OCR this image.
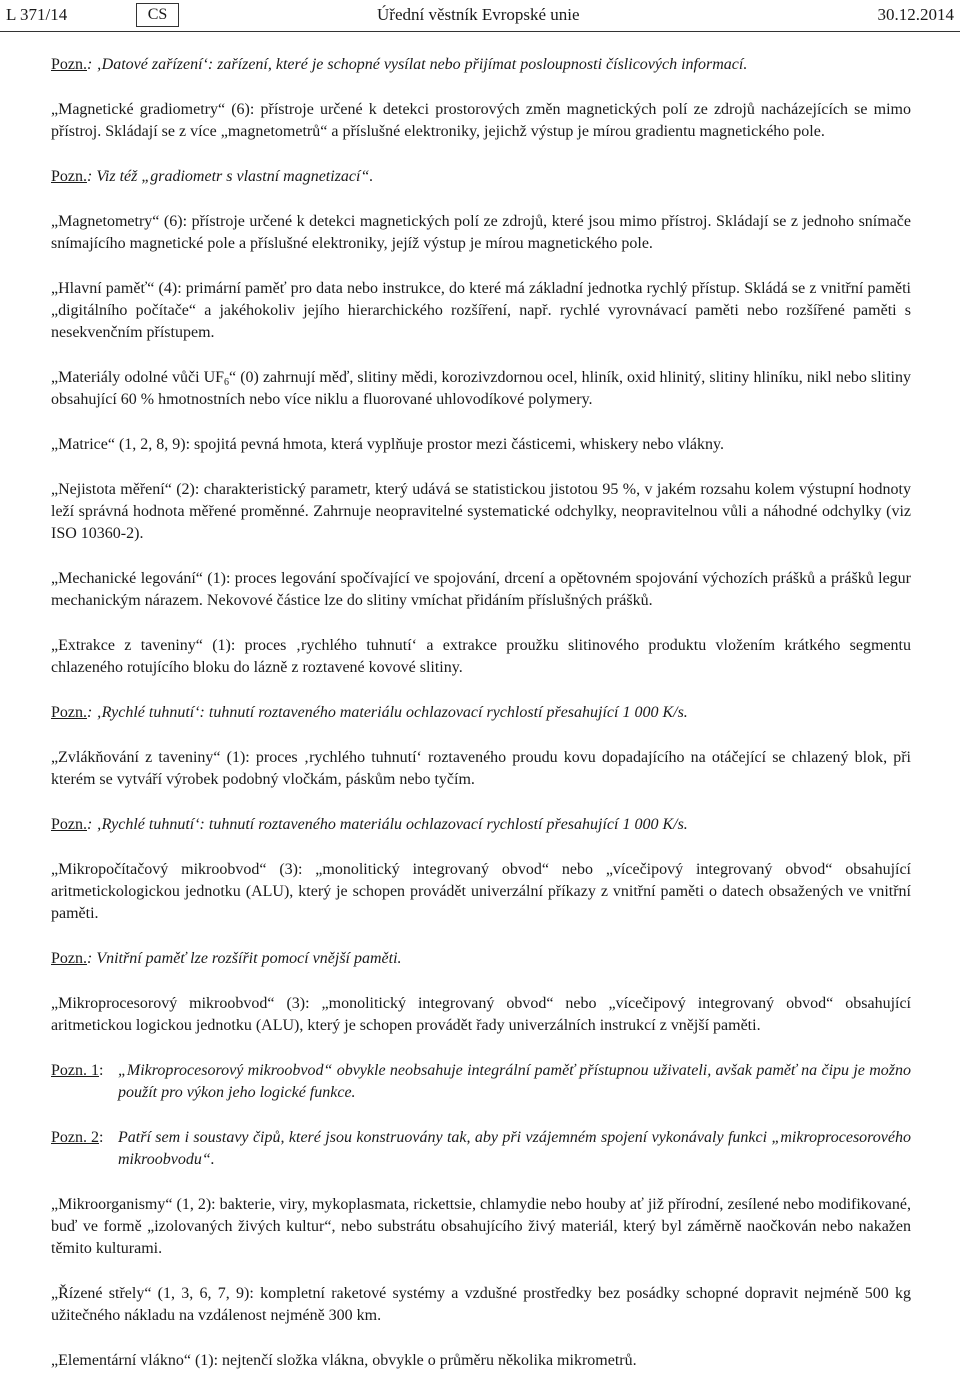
L 371/14	CS	Úřední věstník Evropské unie	30.12.2014

Pozn.: ‚Datové zařízení‘: zařízení, které je schopné vysílat nebo přijímat posloupnosti číslicových informací.

„Magnetické gradiometry“ (6): přístroje určené k detekci prostorových změn magnetických polí ze zdrojů nacházejících se mimo přístroj. Skládají se z více „magnetometrů“ a příslušné elektroniky, jejichž výstup je mírou gradientu magnetického pole.

Pozn.: Viz též „gradiometr s vlastní magnetizací“.

„Magnetometry“ (6): přístroje určené k detekci magnetických polí ze zdrojů, které jsou mimo přístroj. Skládají se z jednoho snímače snímajícího magnetické pole a příslušné elektroniky, jejíž výstup je mírou magnetického pole.

„Hlavní paměť“ (4): primární paměť pro data nebo instrukce, do které má základní jednotka rychlý přístup. Skládá se z vnitřní paměti „digitálního počítače“ a jakéhokoliv jejího hierarchického rozšíření, např. rychlé vyrovnávací paměti nebo rozšířené paměti s nesekvenčním přístupem.

„Materiály odolné vůči $UF_6“$ (0) zahrnují měď, slitiny mědi, korozivzdornou ocel, hliník, oxid hlinitý, slitiny hliníku, nikl nebo slitiny obsahující 60 % hmotnostních nebo více niklu a fluorované uhlovodíkové polymery.

„Matrice“ (1, 2, 8, 9): spojitá pevná hmota, která vyplňuje prostor mezi částicemi, whiskery nebo vlákny.

„Nejistota měření“ (2): charakteristický parametr, který udává se statistickou jistotou 95 %, v jakém rozsahu kolem výstupní hodnoty leží správná hodnota měřené proměnné. Zahrnuje neopravitelné systematické odchylky, neopravitelnou vůli a náhodné odchylky (viz ISO 10360-2).

„Mechanické legování“ (1): proces legování spočívající ve spojování, drcení a opětovném spojování výchozích prášků a prášků legur mechanickým nárazem. Nekovové částice lze do slitiny vmíchat přidáním příslušných prášků.

„Extrakce z taveniny“ (1): proces ‚rychlého tuhnutí‘ a extrakce proužku slitinového produktu vložením krátkého segmentu chlazeného rotujícího bloku do lázně z roztavené kovové slitiny.

Pozn.: ‚Rychlé tuhnutí‘: tuhnutí roztaveného materiálu ochlazovací rychlostí přesahující 1 000 K/s.

„Zvlákňování z taveniny“ (1): proces ‚rychlého tuhnutí‘ roztaveného proudu kovu dopadajícího na otáčející se chlazený blok, při kterém se vytváří výrobek podobný vločkám, páskům nebo tyčím.

Pozn.: ‚Rychlé tuhnutí‘: tuhnutí roztaveného materiálu ochlazovací rychlostí přesahující 1 000 K/s.

„Mikropočítačový mikroobvod“ (3): „monolitický integrovaný obvod“ nebo „vícečipový integrovaný obvod“ obsahující aritmetickologickou jednotku (ALU), který je schopen provádět univerzální příkazy z vnitřní paměti o datech obsažených ve vnitřní paměti.

Pozn.: Vnitřní paměť lze rozšířit pomocí vnější paměti.

„Mikroprocesorový mikroobvod“ (3): „monolitický integrovaný obvod“ nebo „vícečipový integrovaný obvod“ obsahující aritmetickou logickou jednotku (ALU), který je schopen provádět řady univerzálních instrukcí z vnější paměti.

Pozn. 1: „Mikroprocesorový mikroobvod“ obvykle neobsahuje integrální paměť přístupnou uživateli, avšak paměť na čipu je možno použít pro výkon jeho logické funkce.
Pozn. 2: Patří sem i soustavy čipů, které jsou konstruovány tak, aby při vzájemném spojení vykonávaly funkci „mikroprocesorového mikroobvodu“.

„Mikroorganismy“ (1, 2): bakterie, viry, mykoplasmata, rickettsie, chlamydie nebo houby ať již přírodní, zesílené nebo modifikované, buď ve formě „izolovaných živých kultur“, nebo substrátu obsahujícího živý materiál, který byl záměrně naočkován nebo nakažen těmito kulturami.

„Řízené střely“ (1, 3, 6, 7, 9): kompletní raketové systémy a vzdušné prostředky bez posádky schopné dopravit nejméně 500 kg užitečného nákladu na vzdálenost nejméně 300 km.

„Elementární vlákno“ (1): nejtenčí složka vlákna, obvykle o průměru několika mikrometrů.
